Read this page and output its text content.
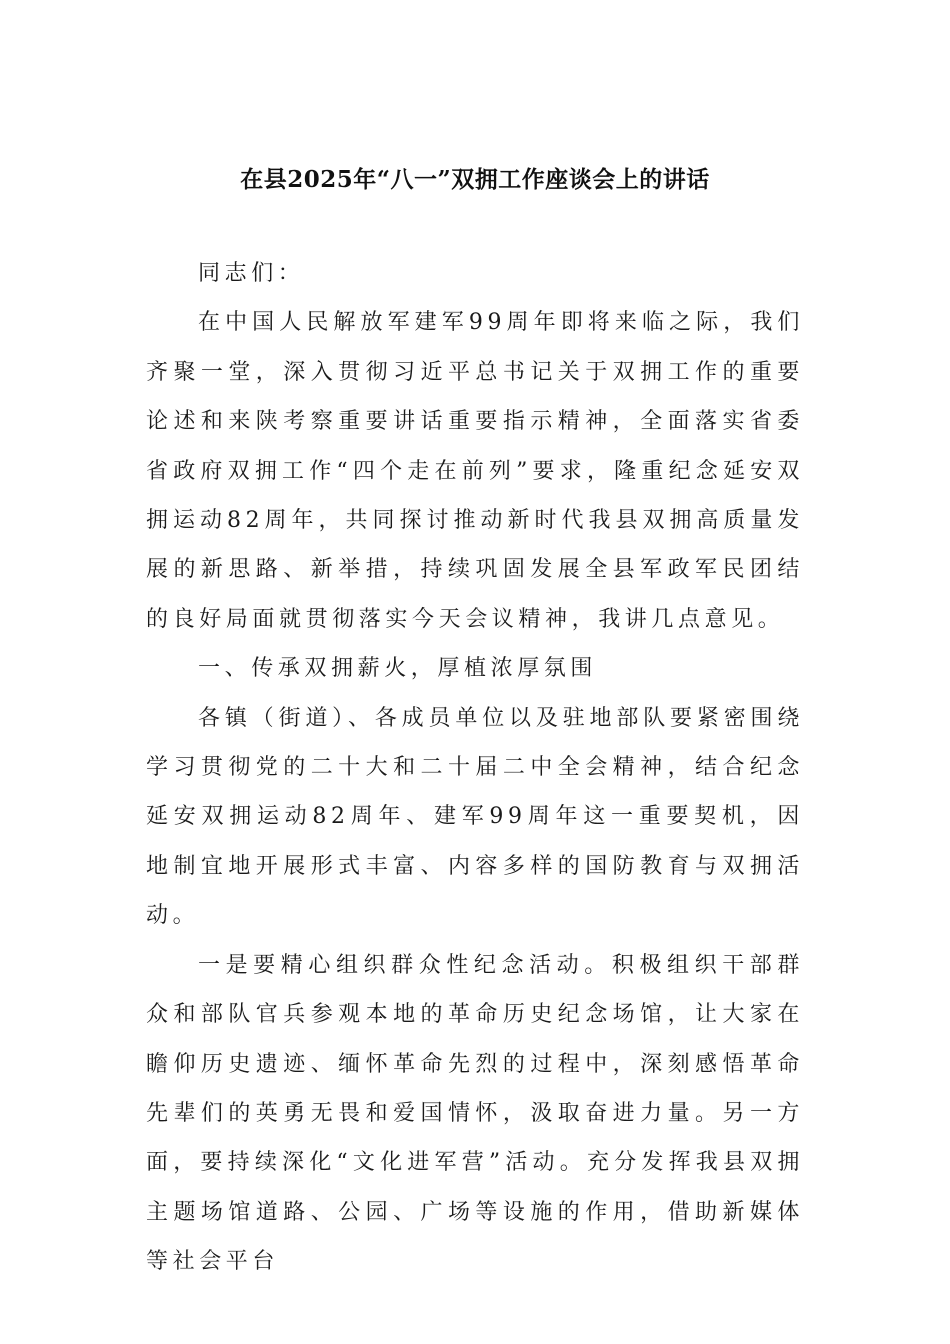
在县2025年“八一”双拥工作座谈会上的讲话

同志们：

在中国人民解放军建军99周年即将来临之际，我们齐聚一堂，深入贯彻习近平总书记关于双拥工作的重要论述和来陕考察重要讲话重要指示精神，全面落实省委省政府双拥工作“四个走在前列”要求，隆重纪念延安双拥运动82周年，共同探讨推动新时代我县双拥高质量发展的新思路、新举措，持续巩固发展全县军政军民团结的良好局面就贯彻落实今天会议精神，我讲几点意见。

一、传承双拥薪火，厚植浓厚氛围

各镇（街道）、各成员单位以及驻地部队要紧密围绕学习贯彻党的二十大和二十届二中全会精神，结合纪念延安双拥运动82周年、建军99周年这一重要契机，因地制宜地开展形式丰富、内容多样的国防教育与双拥活动。

一是要精心组织群众性纪念活动。积极组织干部群众和部队官兵参观本地的革命历史纪念场馆，让大家在瞻仰历史遗迹、缅怀革命先烈的过程中，深刻感悟革命先辈们的英勇无畏和爱国情怀，汲取奋进力量。另一方面，要持续深化“文化进军营”活动。充分发挥我县双拥主题场馆道路、公园、广场等设施的作用，借助新媒体等社会平台
